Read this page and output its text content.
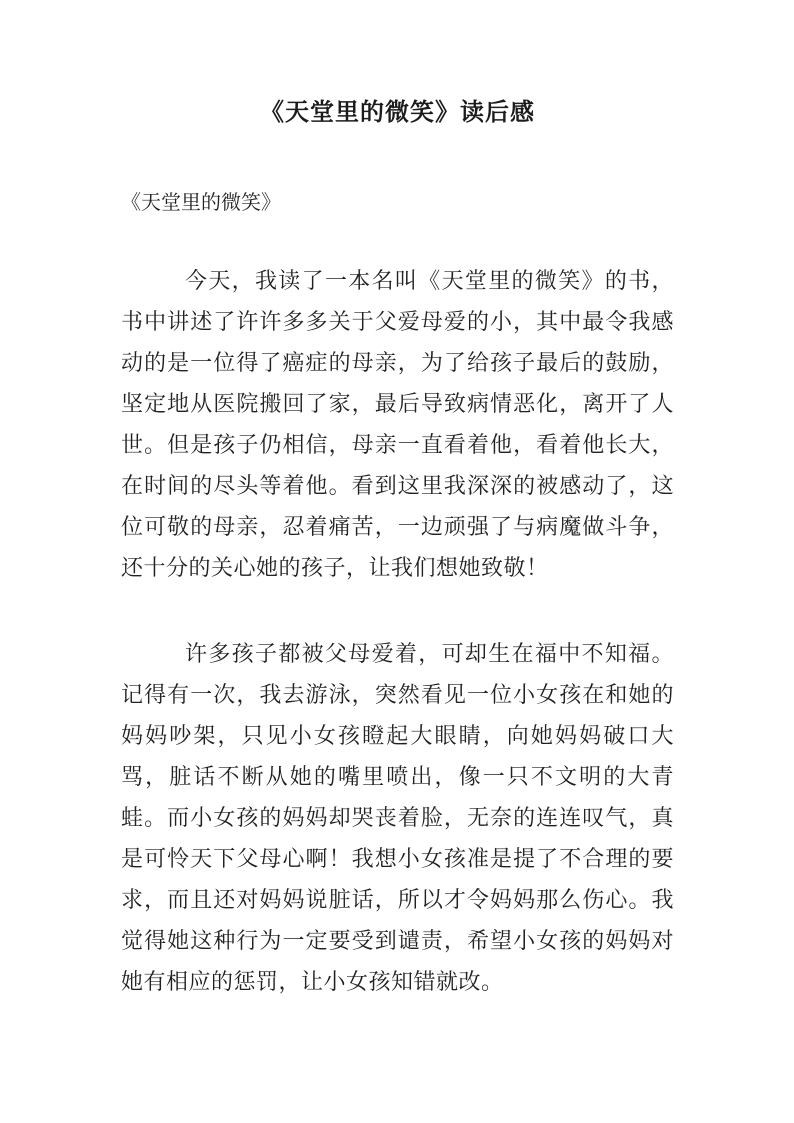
《天堂里的微笑》读后感

《天堂里的微笑》

今天，我读了一本名叫《天堂里的微笑》的书，书中讲述了许许多多关于父爱母爱的小，其中最令我感动的是一位得了癌症的母亲，为了给孩子最后的鼓励，坚定地从医院搬回了家，最后导致病情恶化，离开了人世。但是孩子仍相信，母亲一直看着他，看着他长大，在时间的尽头等着他。看到这里我深深的被感动了，这位可敬的母亲，忍着痛苦，一边顽强了与病魔做斗争，还十分的关心她的孩子，让我们想她致敬！

许多孩子都被父母爱着，可却生在福中不知福。记得有一次，我去游泳，突然看见一位小女孩在和她的妈妈吵架，只见小女孩瞪起大眼睛，向她妈妈破口大骂，脏话不断从她的嘴里喷出，像一只不文明的大青蛙。而小女孩的妈妈却哭丧着脸，无奈的连连叹气，真是可怜天下父母心啊！我想小女孩准是提了不合理的要求，而且还对妈妈说脏话，所以才令妈妈那么伤心。我觉得她这种行为一定要受到谴责，希望小女孩的妈妈对她有相应的惩罚，让小女孩知错就改。
